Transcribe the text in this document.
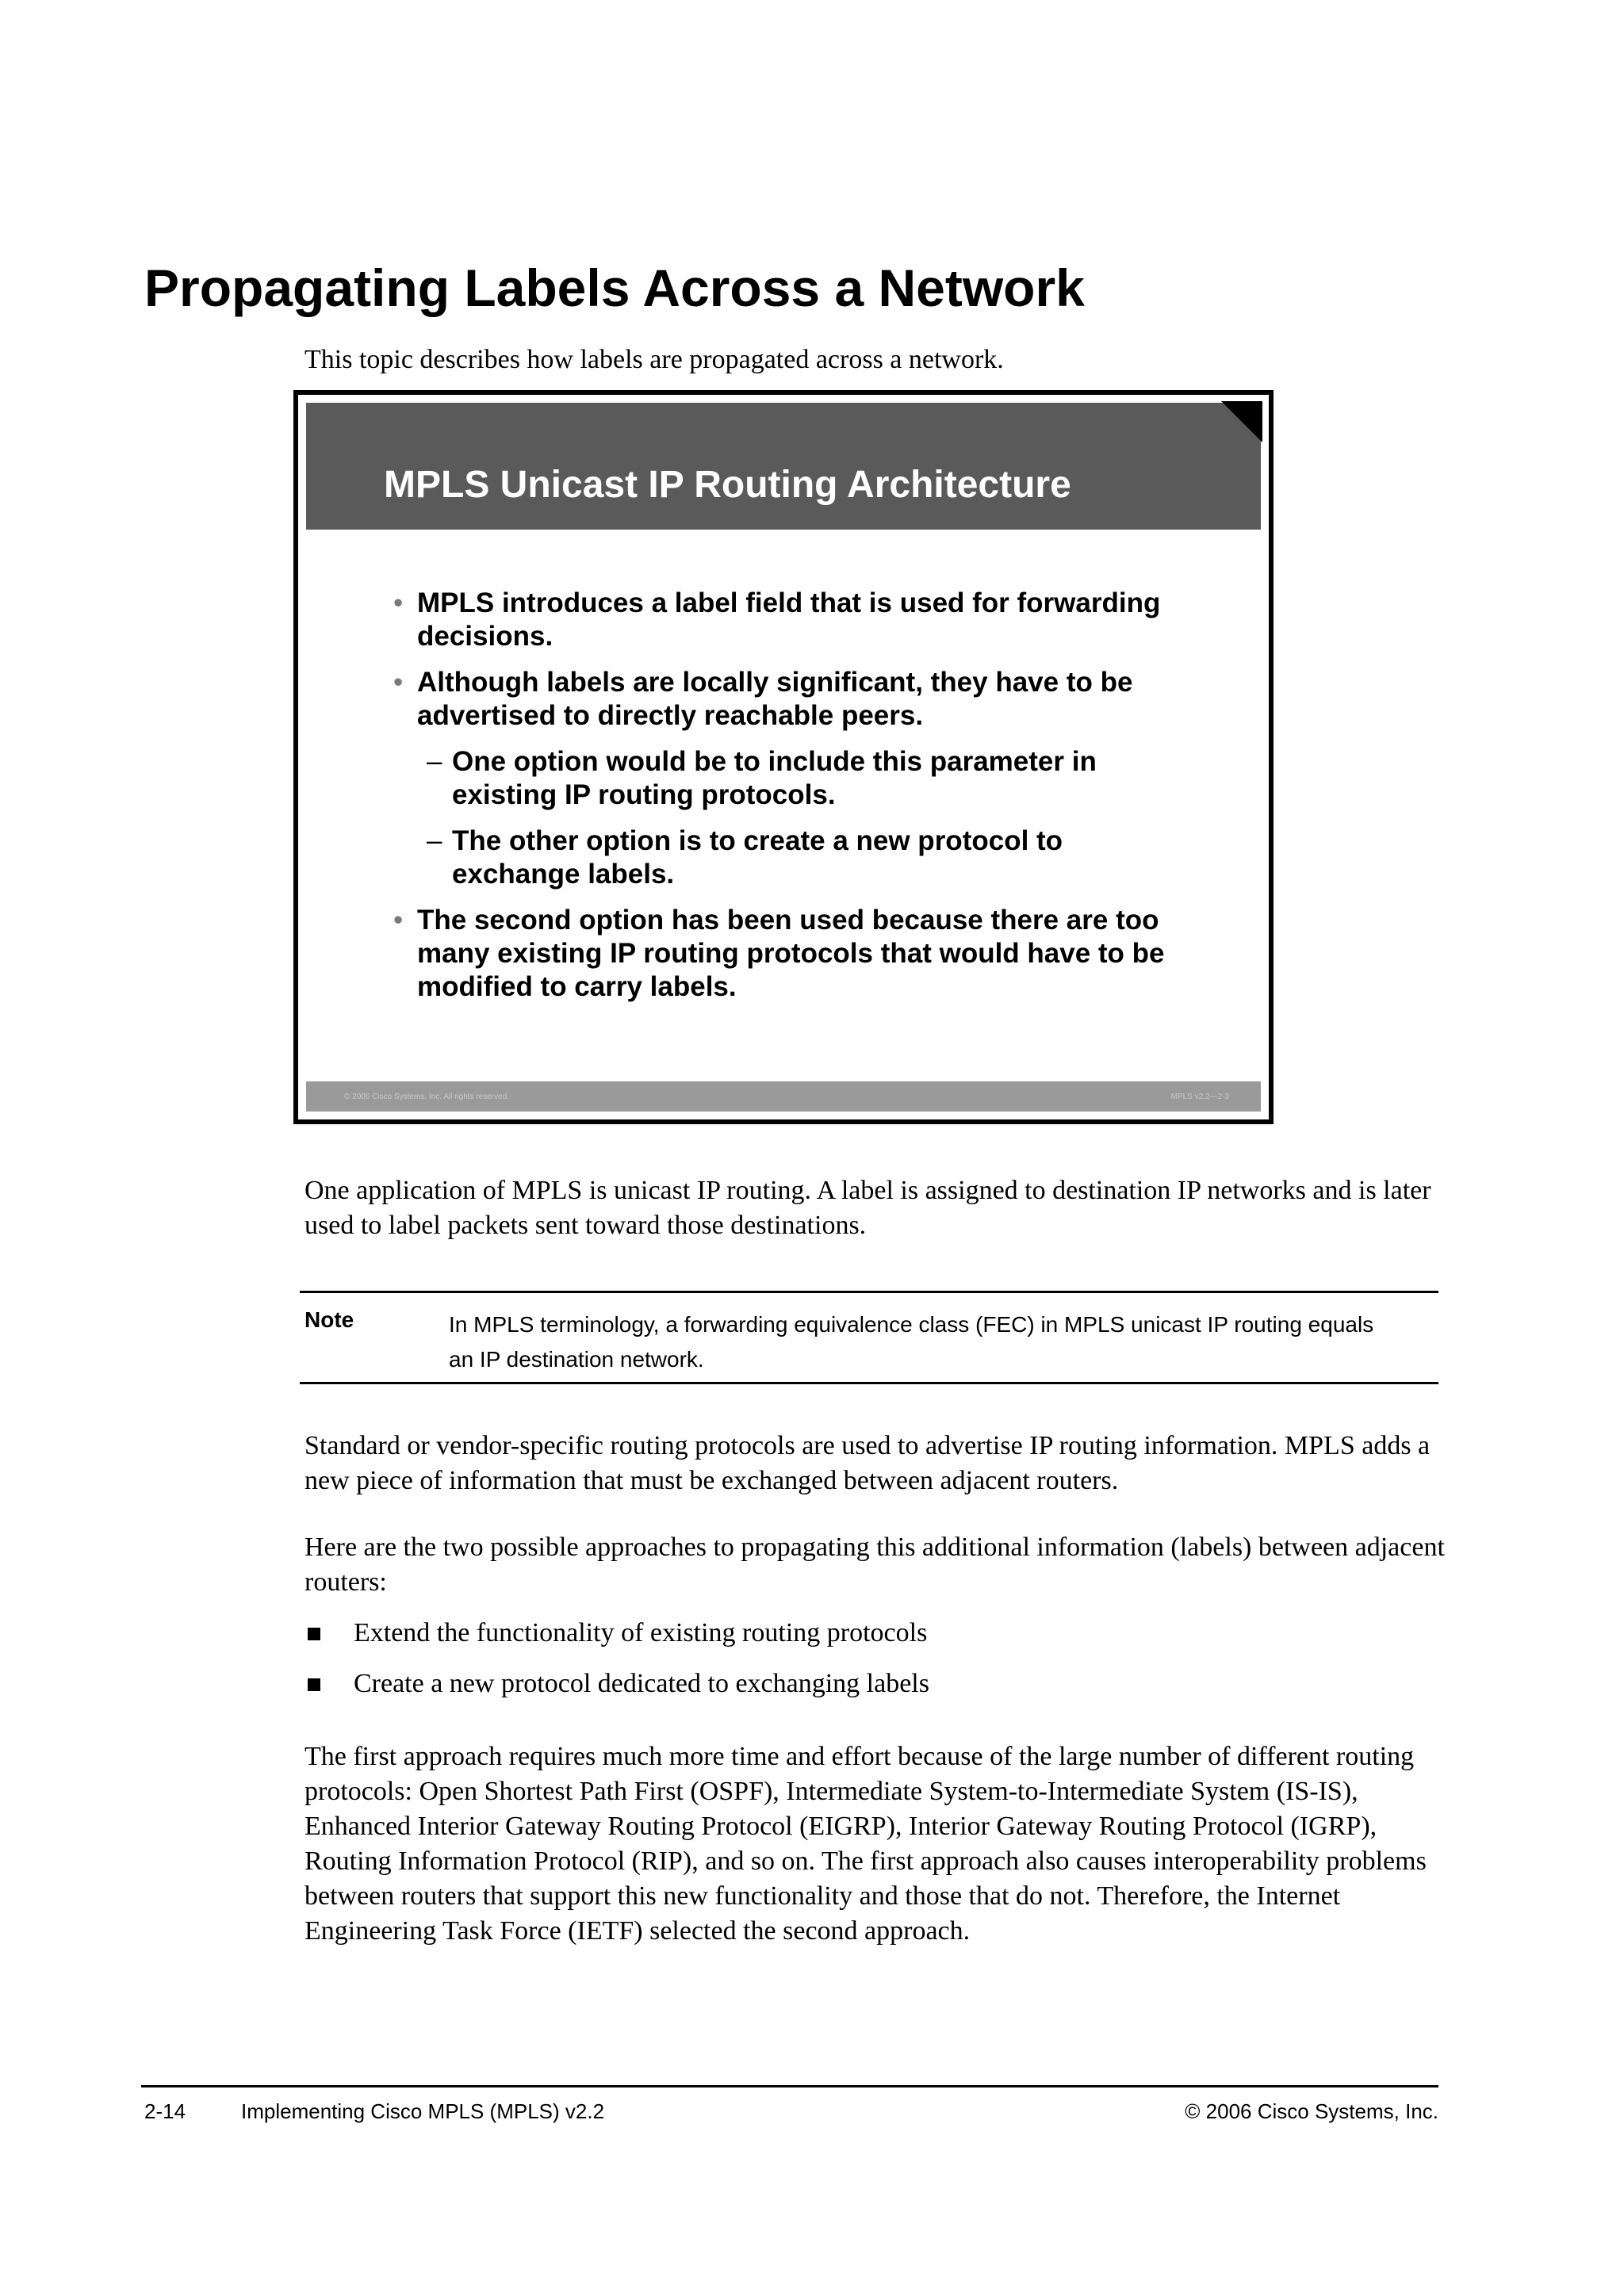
Propagating Labels Across a Network
This topic describes how labels are propagated across a network.
MPLS Unicast IP Routing Architecture
• MPLS introduces a label field that is used for forwarding decisions.
• Although labels are locally significant, they have to be advertised to directly reachable peers.
– One option would be to include this parameter in existing IP routing protocols.
– The other option is to create a new protocol to exchange labels.
• The second option has been used because there are too many existing IP routing protocols that would have to be modified to carry labels.
© 2006 Cisco Systems, Inc. All rights reserved.	MPLS v2.2—2-3

One application of MPLS is unicast IP routing. A label is assigned to destination IP networks and is later used to label packets sent toward those destinations.

Note	In MPLS terminology, a forwarding equivalence class (FEC) in MPLS unicast IP routing equals an IP destination network.

Standard or vendor-specific routing protocols are used to advertise IP routing information. MPLS adds a new piece of information that must be exchanged between adjacent routers.

Here are the two possible approaches to propagating this additional information (labels) between adjacent routers:

Extend the functionality of existing routing protocols
Create a new protocol dedicated to exchanging labels

The first approach requires much more time and effort because of the large number of different routing protocols: Open Shortest Path First (OSPF), Intermediate System-to-Intermediate System (IS-IS), Enhanced Interior Gateway Routing Protocol (EIGRP), Interior Gateway Routing Protocol (IGRP), Routing Information Protocol (RIP), and so on. The first approach also causes interoperability problems between routers that support this new functionality and those that do not. Therefore, the Internet Engineering Task Force (IETF) selected the second approach.

2-14	Implementing Cisco MPLS (MPLS) v2.2	© 2006 Cisco Systems, Inc.
